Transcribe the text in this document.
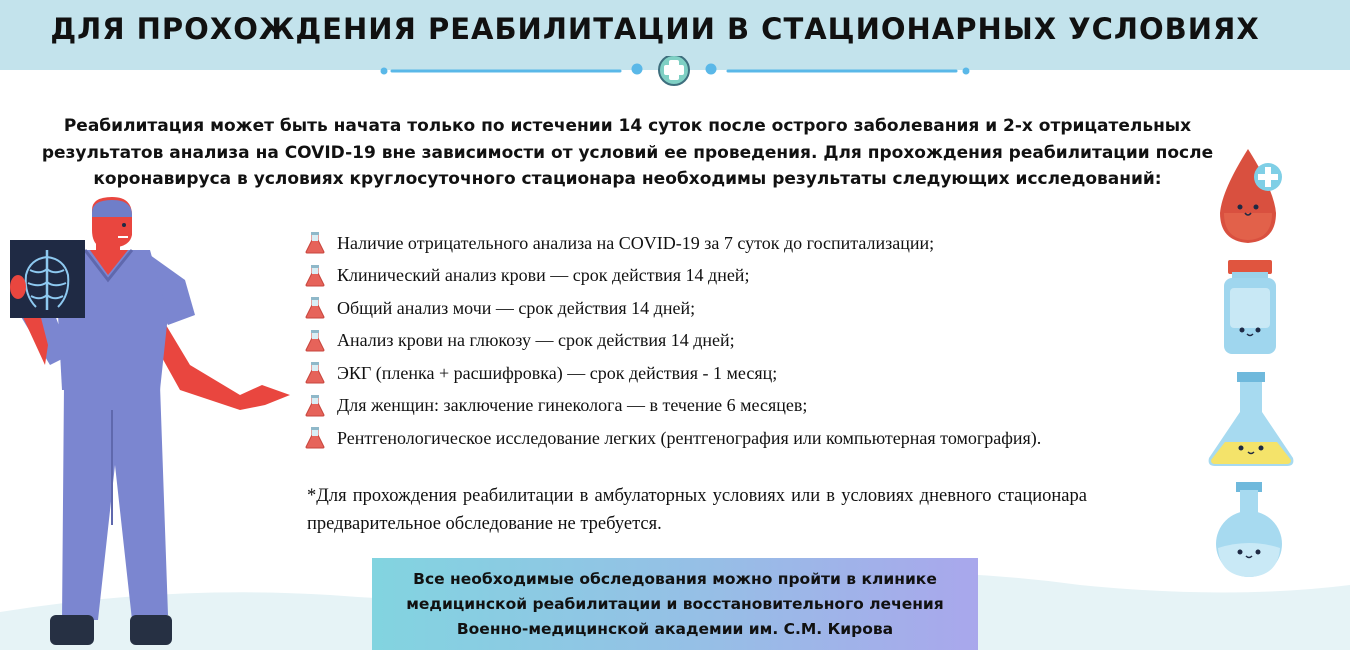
ДЛЯ ПРОХОЖДЕНИЯ РЕАБИЛИТАЦИИ В СТАЦИОНАРНЫХ УСЛОВИЯХ

Реабилитация может быть начата только по истечении 14 суток после острого заболевания и 2-х отрицательных результатов анализа на COVID-19 вне зависимости от условий ее проведения. Для прохождения реабилитации после коронавируса в условиях круглосуточного стационара необходимы результаты следующих исследований:

Наличие отрицательного анализа на COVID-19 за 7 суток до госпитализации;
Клинический анализ крови — срок действия 14 дней;
Общий анализ мочи — срок действия 14 дней;
Анализ крови на глюкозу — срок действия 14 дней;
ЭКГ (пленка + расшифровка) — срок действия - 1 месяц;
Для женщин: заключение гинеколога — в течение 6 месяцев;
Рентгенологическое исследование легких (рентгенография или компьютерная томография).

*Для прохождения реабилитации в амбулаторных условиях или в условиях дневного стационара предварительное обследование не требуется.

Все необходимые обследования можно пройти в клинике
медицинской реабилитации и восстановительного лечения
Военно-медицинской академии им. С.М. Кирова
